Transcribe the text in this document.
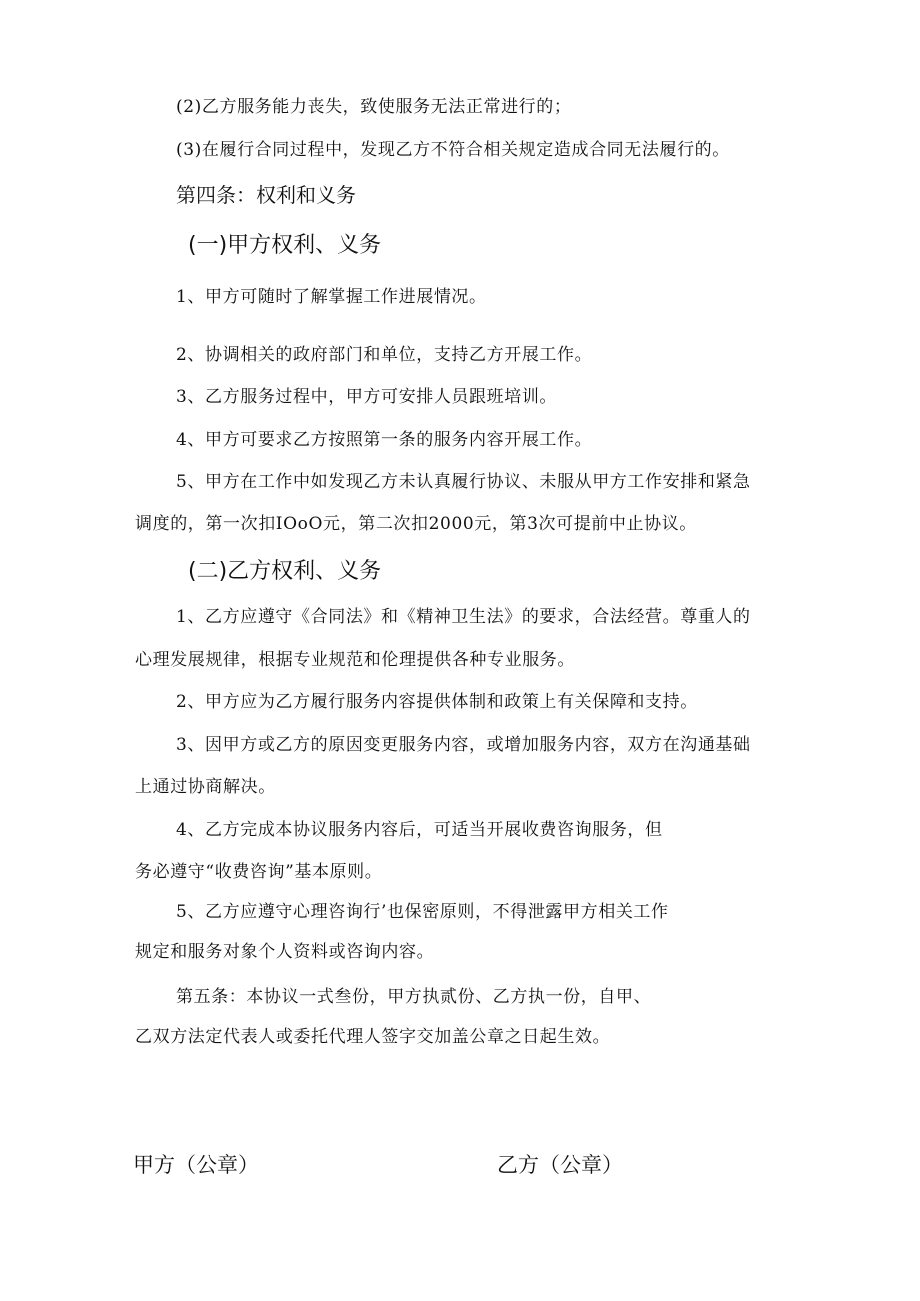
(2)乙方服务能力丧失，致使服务无法正常进行的；
(3)在履行合同过程中，发现乙方不符合相关规定造成合同无法履行的。
第四条：权利和义务
(一)甲方权利、义务
1、甲方可随时了解掌握工作进展情况。
2、协调相关的政府部门和单位，支持乙方开展工作。
3、乙方服务过程中，甲方可安排人员跟班培训。
4、甲方可要求乙方按照第一条的服务内容开展工作。
5、甲方在工作中如发现乙方未认真履行协议、未服从甲方工作安排和紧急
调度的，第一次扣IOoO元，第二次扣2000元，第3次可提前中止协议。
(二)乙方权利、义务
1、乙方应遵守《合同法》和《精神卫生法》的要求，合法经营。尊重人的
心理发展规律，根据专业规范和伦理提供各种专业服务。
2、甲方应为乙方履行服务内容提供体制和政策上有关保障和支持。
3、因甲方或乙方的原因变更服务内容，或增加服务内容，双方在沟通基础
上通过协商解决。
4、乙方完成本协议服务内容后，可适当开展收费咨询服务，但
务必遵守“收费咨询”基本原则。
5、乙方应遵守心理咨询行’也保密原则，不得泄露甲方相关工作
规定和服务对象个人资料或咨询内容。
第五条：本协议一式叁份，甲方执贰份、乙方执一份，自甲、
乙双方法定代表人或委托代理人签字交加盖公章之日起生效。
甲方（公章）	乙方（公章）
